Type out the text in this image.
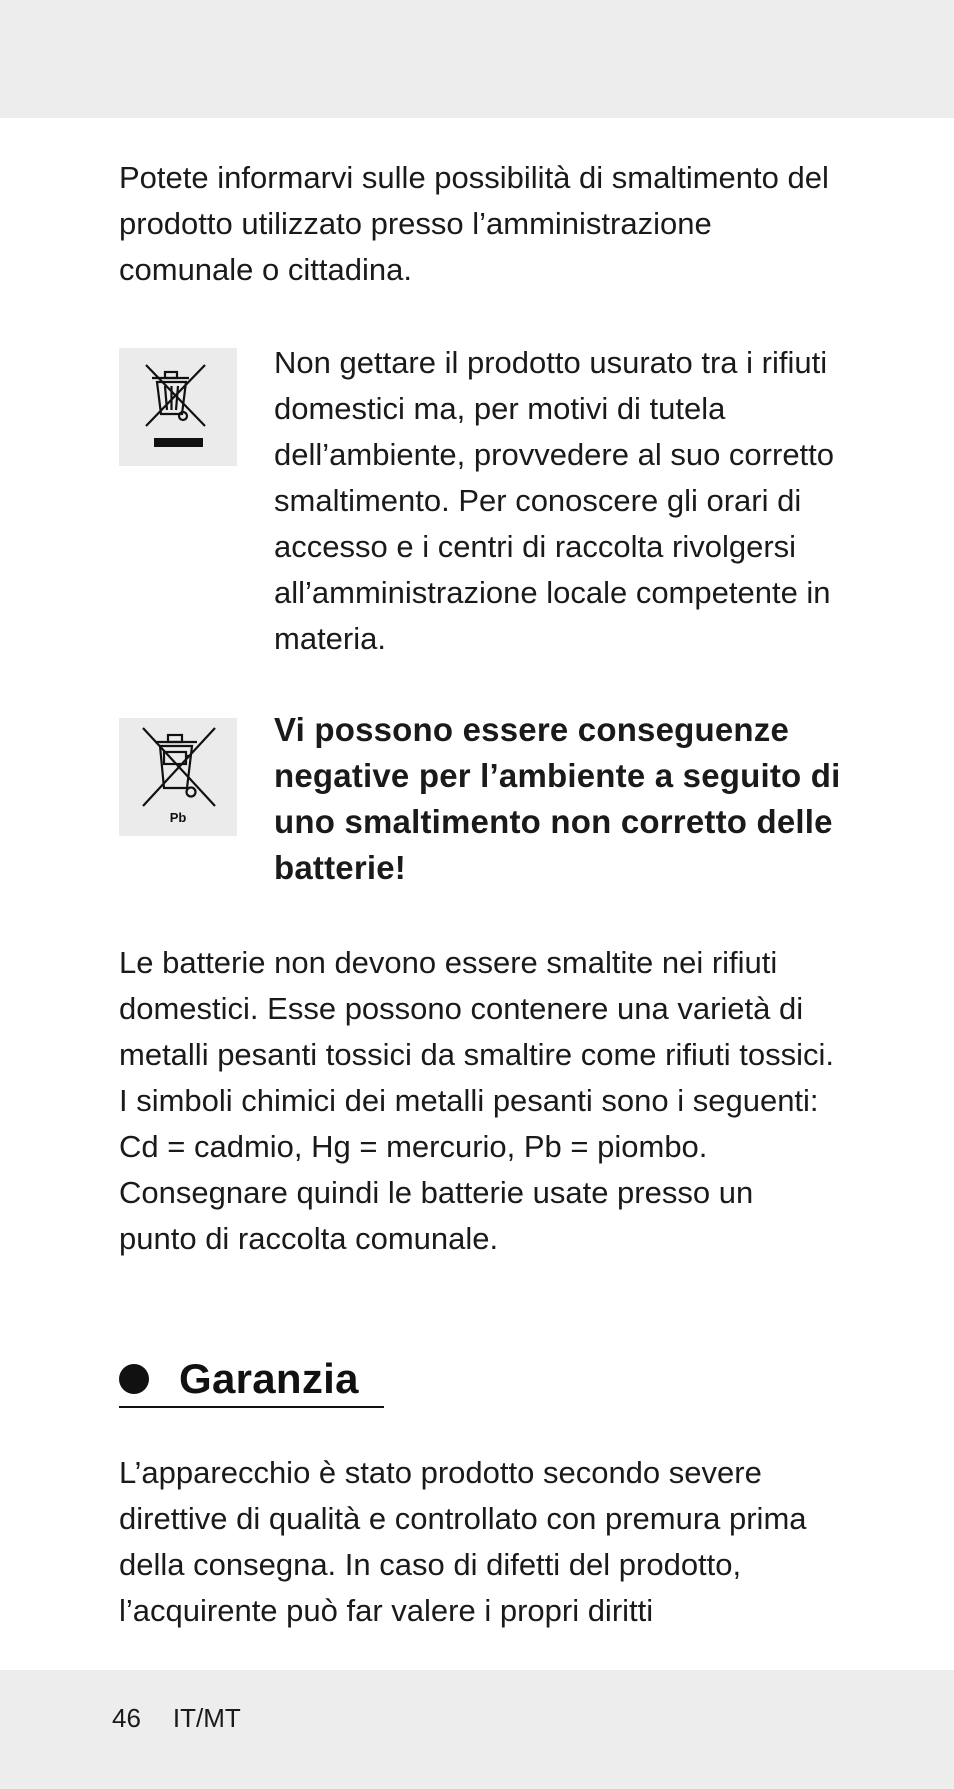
Potete informarvi sulle possibilità di smaltimento del prodotto utilizzato presso l’amministrazione comunale o cittadina.

Non gettare il prodotto usurato tra i rifiuti domestici ma, per motivi di tutela dell’ambiente, provvedere al suo corretto smaltimento. Per conoscere gli orari di accesso e i centri di raccolta rivolgersi all’amministrazione locale competente in materia.

Pb

Vi possono essere conseguenze negative per l’ambiente a seguito di uno smaltimento non corretto delle batterie!

Le batterie non devono essere smaltite nei rifiuti domestici. Esse possono contenere una varietà di metalli pesanti tossici da smaltire come rifiuti tossici. I simboli chimici dei metalli pesanti sono i seguenti: Cd = cadmio, Hg = mercurio, Pb = piombo. Consegnare quindi le batterie usate presso un punto di raccolta comunale.

Garanzia

L’apparecchio è stato prodotto secondo severe direttive di qualità e controllato con premura prima della consegna. In caso di difetti del prodotto, l’acquirente può far valere i propri diritti

46 IT/MT
